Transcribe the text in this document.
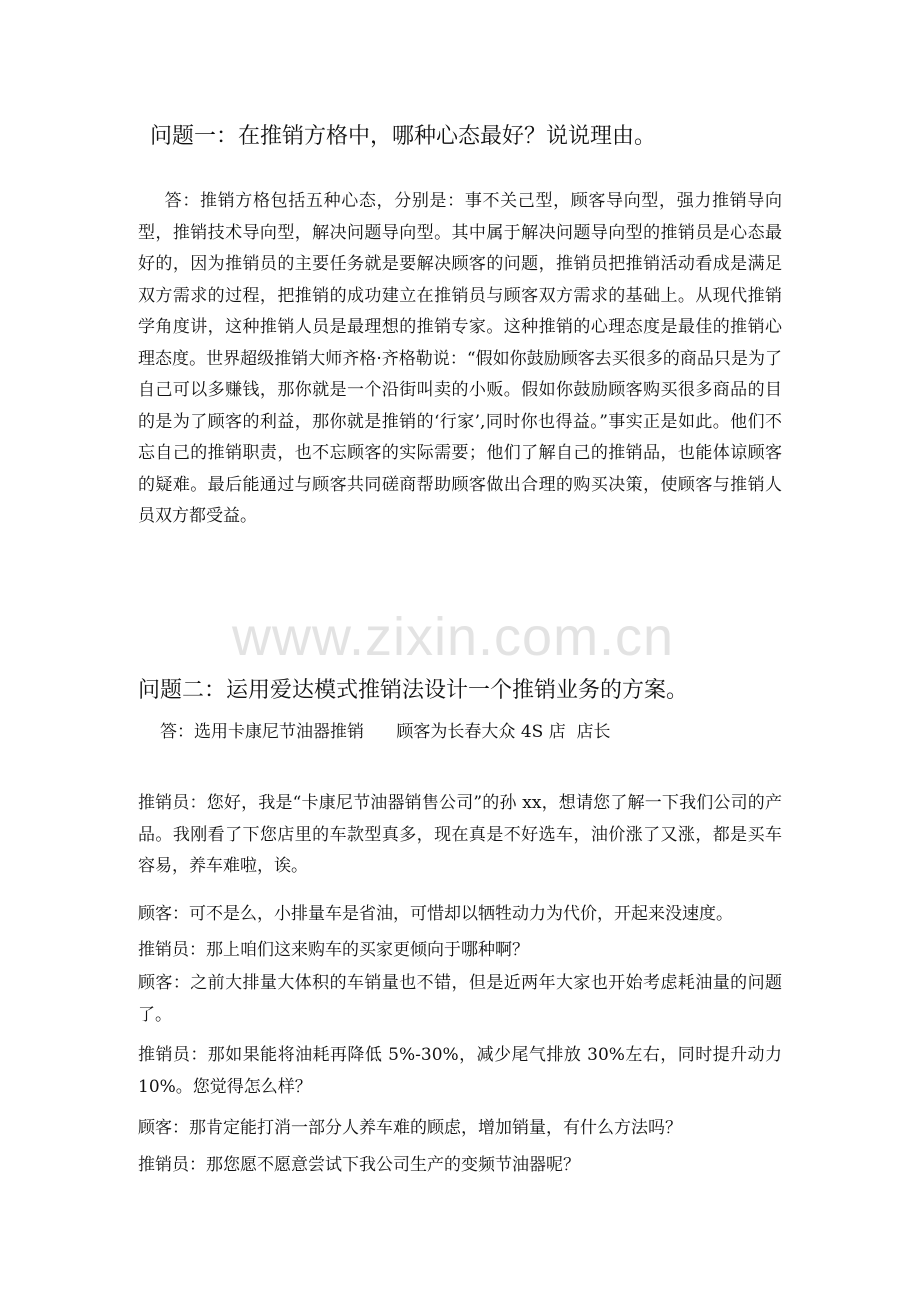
www.zixin.com.cn
问题一：在推销方格中，哪种心态最好？说说理由。
答：推销方格包括五种心态，分别是：事不关己型，顾客导向型，强力推销导向型，推销技术导向型，解决问题导向型。其中属于解决问题导向型的推销员是心态最好的，因为推销员的主要任务就是要解决顾客的问题，推销员把推销活动看成是满足双方需求的过程，把推销的成功建立在推销员与顾客双方需求的基础上。从现代推销学角度讲，这种推销人员是最理想的推销专家。这种推销的心理态度是最佳的推销心理态度。世界超级推销大师齐格·齐格勒说：“假如你鼓励顾客去买很多的商品只是为了自己可以多赚钱，那你就是一个沿街叫卖的小贩。假如你鼓励顾客购买很多商品的目的是为了顾客的利益，那你就是推销的‘行家’,同时你也得益。”事实正是如此。他们不忘自己的推销职责，也不忘顾客的实际需要；他们了解自己的推销品，也能体谅顾客的疑难。最后能通过与顾客共同磋商帮助顾客做出合理的购买决策，使顾客与推销人员双方都受益。
问题二：运用爱达模式推销法设计一个推销业务的方案。
答：选用卡康尼节油器推销      顾客为长春大众 4S 店  店长
推销员：您好，我是“卡康尼节油器销售公司”的孙 xx，想请您了解一下我们公司的产品。我刚看了下您店里的车款型真多，现在真是不好选车，油价涨了又涨，都是买车容易，养车难啦，诶。
顾客：可不是么，小排量车是省油，可惜却以牺牲动力为代价，开起来没速度。
推销员：那上咱们这来购车的买家更倾向于哪种啊？
顾客：之前大排量大体积的车销量也不错，但是近两年大家也开始考虑耗油量的问题了。
推销员：那如果能将油耗再降低 5%-30%，减少尾气排放 30%左右，同时提升动力 10%。您觉得怎么样？
顾客：那肯定能打消一部分人养车难的顾虑，增加销量，有什么方法吗？
推销员：那您愿不愿意尝试下我公司生产的变频节油器呢？
